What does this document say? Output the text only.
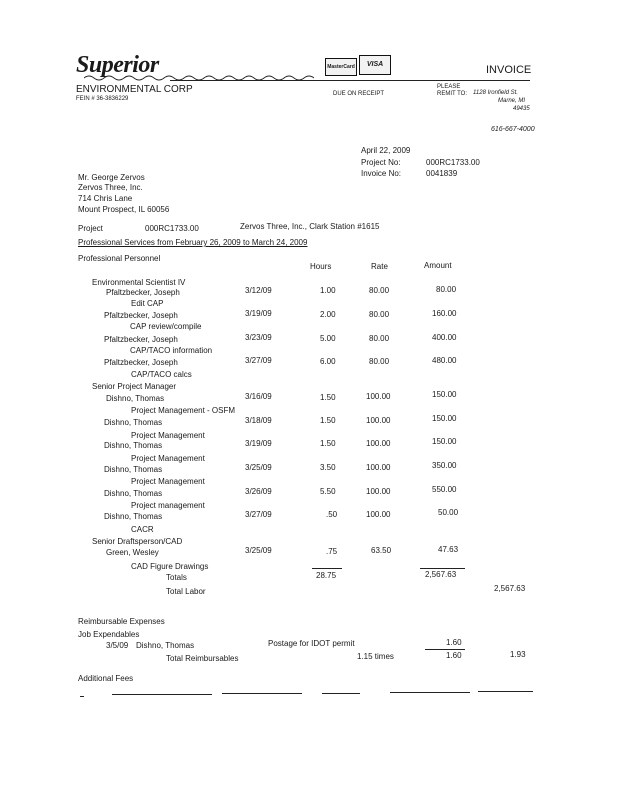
Superior
ENVIRONMENTAL CORP
FEIN # 36-3836229
MasterCard	VISA	INVOICE
DUE ON RECEIPT
PLEASE
REMIT TO: 1128 Ironfield St.
Marne, MI
49435
616-667-4000
April 22, 2009
Project No:	000RC1733.00
Invoice No:	0041839
Mr. George Zervos
Zervos Three, Inc.
714 Chris Lane
Mount Prospect, IL 60056
Project	000RC1733.00	Zervos Three, Inc., Clark Station #1615
Professional Services from February 26, 2009 to March 24, 2009
Professional Personnel
Hours	Rate	Amount
Environmental Scientist IV
Pfaltzbecker, Joseph	3/12/09	1.00	80.00	80.00
Edit CAP
Pfaltzbecker, Joseph	3/19/09	2.00	80.00	160.00
CAP review/compile
Pfaltzbecker, Joseph	3/23/09	5.00	80.00	400.00
CAP/TACO information
Pfaltzbecker, Joseph	3/27/09	6.00	80.00	480.00
CAP/TACO calcs
Senior Project Manager
Dishno, Thomas	3/16/09	1.50	100.00	150.00
Project Management - OSFM
Dishno, Thomas	3/18/09	1.50	100.00	150.00
Project Management
Dishno, Thomas	3/19/09	1.50	100.00	150.00
Project Management
Dishno, Thomas	3/25/09	3.50	100.00	350.00
Project Management
Dishno, Thomas	3/26/09	5.50	100.00	550.00
Project management
Dishno, Thomas	3/27/09	.50	100.00	50.00
CACR
Senior Draftsperson/CAD
Green, Wesley	3/25/09	.75	63.50	47.63
CAD Figure Drawings
Totals	28.75	2,567.63
Total Labor	2,567.63
Reimbursable Expenses
Job Expendables
3/5/09 Dishno, Thomas	Postage for IDOT permit	1.60
Total Reimbursables	1.15 times	1.60	1.93
Additional Fees
